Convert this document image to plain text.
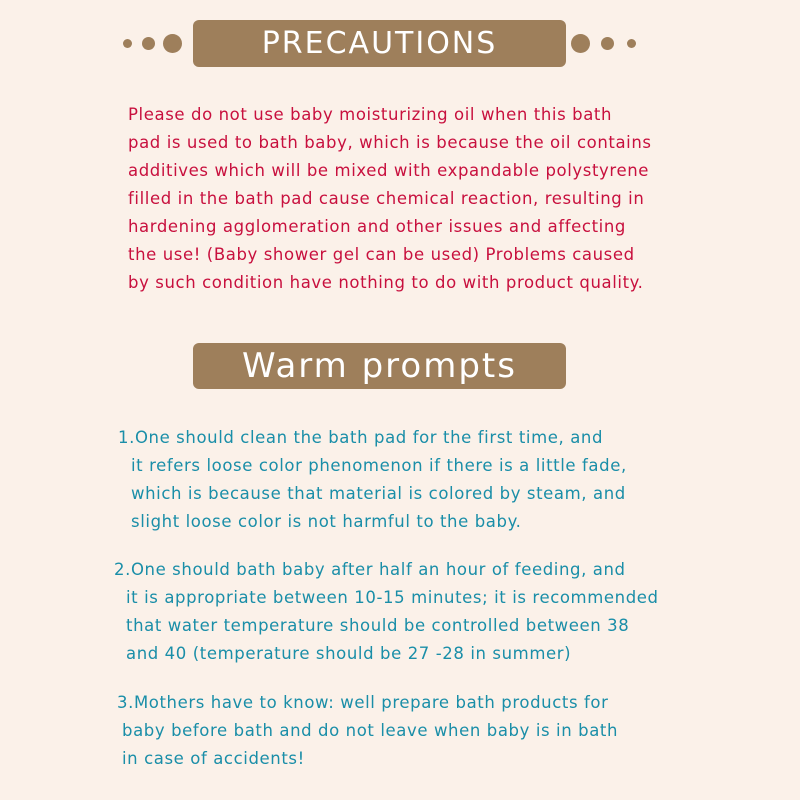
PRECAUTIONS

Please do not use baby moisturizing oil when this bath
pad is used to bath baby, which is because the oil contains
additives which will be mixed with expandable polystyrene
filled in the bath pad cause chemical reaction, resulting in
hardening agglomeration and other issues and affecting
the use! (Baby shower gel can be used) Problems caused
by such condition have nothing to do with product quality.

Warm prompts

1.One should clean the bath pad for the first time, and
it refers loose color phenomenon if there is a little fade,
which is because that material is colored by steam, and
slight loose color is not harmful to the baby.

2.One should bath baby after half an hour of feeding, and
it is appropriate between 10-15 minutes; it is recommended
that water temperature should be controlled between 38
and 40 (temperature should be 27 -28 in summer)

3.Mothers have to know: well prepare bath products for
baby before bath and do not leave when baby is in bath
in case of accidents!
